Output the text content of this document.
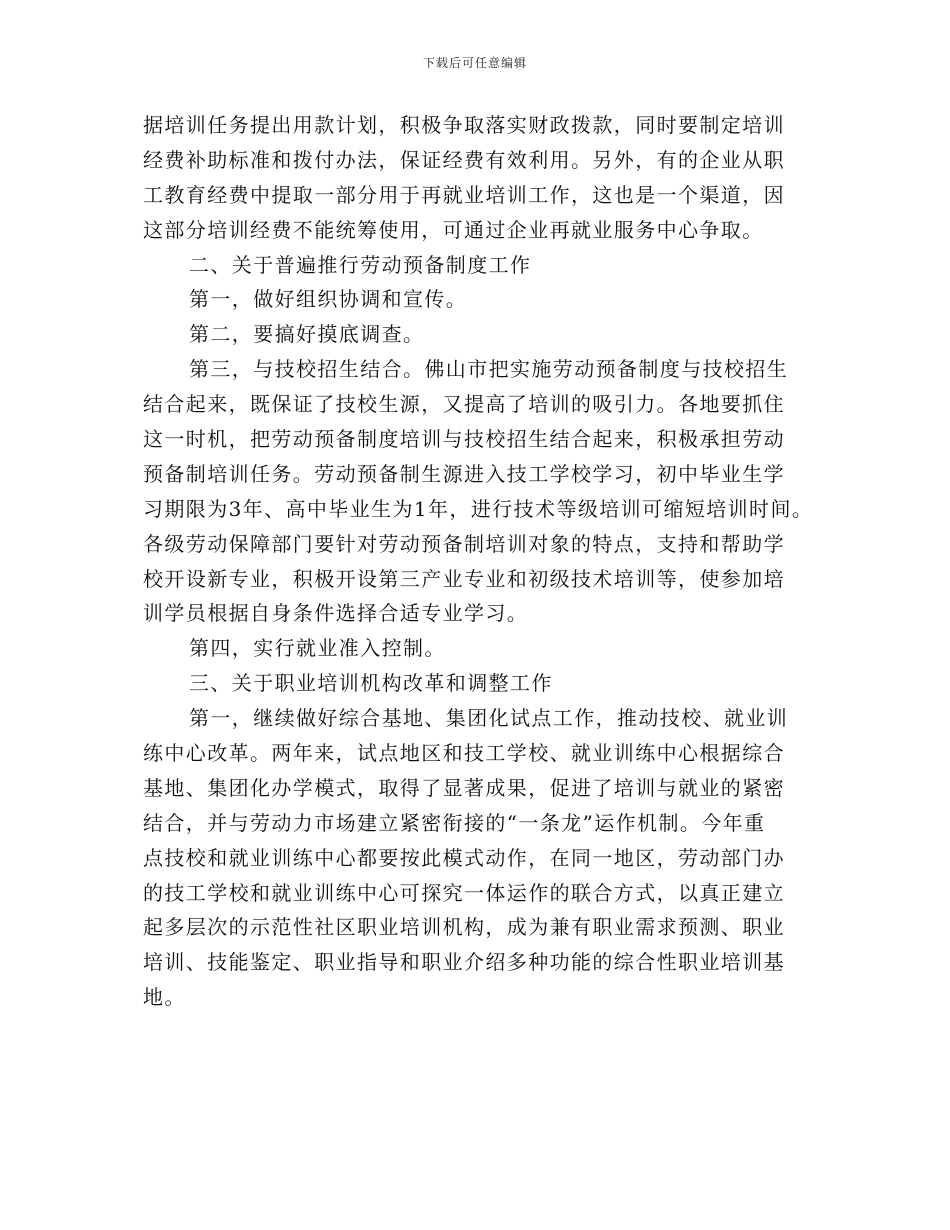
下载后可任意编辑
据培训任务提出用款计划，积极争取落实财政拨款，同时要制定培训
经费补助标准和拨付办法，保证经费有效利用。另外，有的企业从职
工教育经费中提取一部分用于再就业培训工作，这也是一个渠道，因
这部分培训经费不能统筹使用，可通过企业再就业服务中心争取。
二、关于普遍推行劳动预备制度工作
第一，做好组织协调和宣传。
第二，要搞好摸底调查。
第三，与技校招生结合。佛山市把实施劳动预备制度与技校招生
结合起来，既保证了技校生源，又提高了培训的吸引力。各地要抓住
这一时机，把劳动预备制度培训与技校招生结合起来，积极承担劳动
预备制培训任务。劳动预备制生源进入技工学校学习，初中毕业生学
习期限为3年、高中毕业生为1年，进行技术等级培训可缩短培训时间。
各级劳动保障部门要针对劳动预备制培训对象的特点，支持和帮助学
校开设新专业，积极开设第三产业专业和初级技术培训等，使参加培
训学员根据自身条件选择合适专业学习。
第四，实行就业准入控制。
三、关于职业培训机构改革和调整工作
第一，继续做好综合基地、集团化试点工作，推动技校、就业训
练中心改革。两年来，试点地区和技工学校、就业训练中心根据综合
基地、集团化办学模式，取得了显著成果，促进了培训与就业的紧密
结合，并与劳动力市场建立紧密衔接的“一条龙”运作机制。今年重
点技校和就业训练中心都要按此模式动作，在同一地区，劳动部门办
的技工学校和就业训练中心可探究一体运作的联合方式，以真正建立
起多层次的示范性社区职业培训机构，成为兼有职业需求预测、职业
培训、技能鉴定、职业指导和职业介绍多种功能的综合性职业培训基
地。
